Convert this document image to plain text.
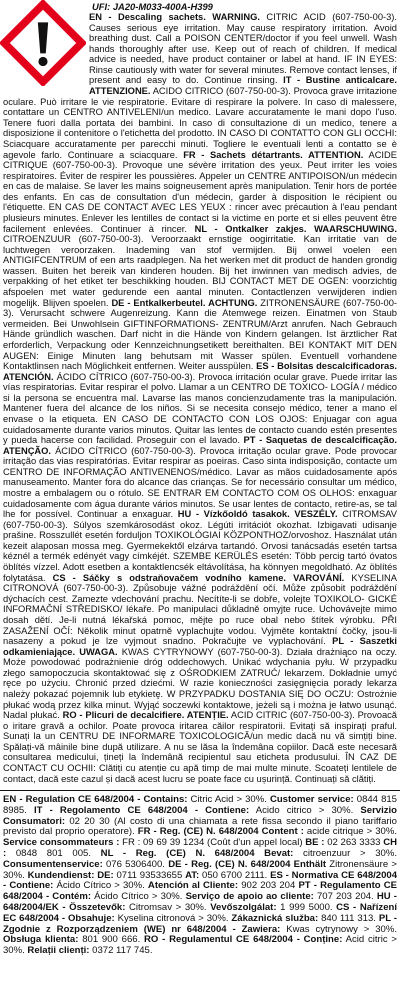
UFI: JA20-M033-400A-H399
EN - Descaling sachets. WARNING. CITRIC ACID (607-750-00-3). Causes serious eye irritation. May cause respiratory irritation. Avoid breathing dust. Call a POISON CENTER/doctor if you feel unwell. Wash hands thoroughly after use. Keep out of reach of children. If medical advice is needed, have product container or label at hand. IF IN EYES: Rinse cautiously with water for several minutes. Remove contact lenses, if present and easy to do. Continue rinsing. IT - Bustine anticalcare. ATTENZIONE. ACIDO CITRICO (607-750-00-3). Provoca grave irritazione oculare. Può irritare le vie respiratorie. Evitare di respirare la polvere. In caso di malessere, contattare un CENTRO ANTIVELENI/un medico. Lavare accuratamente le mani dopo l'uso. Tenere fuori dalla portata dei bambini. In caso di consultazione di un medico, tenere a disposizione il contenitore o l'etichetta del prodotto. IN CASO DI CONTATTO CON GLI OCCHI: Sciacquare accuratamente per parecchi minuti. Togliere le eventuali lenti a contatto se è agevole farlo. Continuare a sciacquare. FR - Sachets détartrants. ATTENTION. ACIDE CITRIQUE (607-750-00-3). Provoque une sévère irritation des yeux. Peut irriter les voies respiratoires. Éviter de respirer les poussières. Appeler un CENTRE ANTIPOISON/un médecin en cas de malaise. Se laver les mains soigneusement après manipulation. Tenir hors de portée des enfants. En cas de consultation d'un médecin, garder à disposition le récipient ou l'étiquette. EN CAS DE CONTACT AVEC LES YEUX : rincer avec précaution à l'eau pendant plusieurs minutes. Enlever les lentilles de contact si la victime en porte et si elles peuvent être facilement enlevées. Continuer à rincer. NL - Ontkalker zakjes. WAARSCHUWING. CITROENZUUR (607-750-00-3). Veroorzaakt ernstige oogirritatie. Kan irritatie van de luchtwegen veroorzaken. Inademing van stof vermijden. Bij onwel voelen een ANTIGIFCENTRUM of een arts raadplegen. Na het werken met dit product de handen grondig wassen. Buiten het bereik van kinderen houden. Bij het inwinnen van medisch advies, de verpakking of het etiket ter beschikking houden. BIJ CONTACT MET DE OGEN: voorzichtig afspoelen met water gedurende een aantal minuten. Contactlenzen verwijderen indien mogelijk. Blijven spoelen. DE - Entkalkerbeutel. ACHTUNG. ZITRONENSÄURE (607-750-00-3). Verursacht schwere Augenreizung. Kann die Atemwege reizen. Einatmen von Staub vermeiden. Bei Unwohlsein GIFTINFORMATIONS- ZENTRUM/Arzt anrufen. Nach Gebrauch Hände gründlich waschen. Darf nicht in die Hände von Kindern gelangen. Ist ärztlicher Rat erforderlich, Verpackung oder Kennzeichnungsetikett bereithalten. BEI KONTAKT MIT DEN AUGEN: Einige Minuten lang behutsam mit Wasser spülen. Eventuell vorhandene Kontaktlinsen nach Möglichkeit entfernen. Weiter ausspülen. ES - Bolsitas descalcificadoras. ATENCIÓN. ÁCIDO CÍTRICO (607-750-00-3). Provoca irritación ocular grave. Puede irritar las vías respiratorias. Evitar respirar el polvo. Llamar a un CENTRO DE TOXICO- LOGÍA / médico si la persona se encuentra mal. Lavarse las manos concienzudamente tras la manipulación. Mantener fuera del alcance de los niños. Si se necesita consejo médico, tener a mano el envase o la etiqueta. EN CASO DE CONTACTO CON LOS OJOS: Enjuagar con agua cuidadosamente durante varios minutos. Quitar las lentes de contacto cuando estén presentes y pueda hacerse con facilidad. Proseguir con el lavado. PT - Saquetas de descalcificação. ATENÇÃO. ÁCIDO CÍTRICO (607-750-00-3). Provoca irritação ocular grave. Pode provocar irritação das vias respiratórias. Evitar respirar as poeiras. Caso sinta indisposição, contacte um CENTRO DE INFORMAÇÃO ANTIVENENOS/médico. Lavar as mãos cuidadosamente após manuseamento. Manter fora do alcance das crianças. Se for necessário consultar um médico, mostre a embalagem ou o rótulo. SE ENTRAR EM CONTACTO COM OS OLHOS: enxaguar cuidadosamente com água durante vários minutos. Se usar lentes de contacto, retire-as, se tal lhe for possível. Continuar a enxaguar. HU - Vízkőoldó tasakok. VESZÉLY. CITROMSAV (607-750-00-3). Súlyos szemkárosodást okoz. Légúti irritációt okozhat. Izbigavati udisanje prašine. Rosszullét esetén forduljon TOXIKOLÓGIAI KÖZPONTHOZ/orvoshoz. Használat után kezeit alaposan mossa meg. Gyermekektől elzárva tartandó. Orvosi tanácsadás esetén tartsa kéznél a termék edényét vagy címkéjét. SZEMBE KERÜLÉS esetén: Több percig tartó óvatos öblítés vízzel. Adott esetben a kontaktlencsék eltávolítása, ha könnyen megoldható. Az öblítés folytatása. CS - Sáčky s odstraňovačem vodního kamene. VAROVÁNÍ. KYSELINA CITRONOVÁ (607-750-00-3). Způsobuje vážné podráždění očí. Může způsobit podráždění dýchacích cest. Zamezte vdechování prachu. Necítíte-li se dobře, volejte TOXIKOLO- GICKÉ INFORMAČNÍ STŘEDISKO/ lékaře. Po manipulaci důkladně omyjte ruce. Uchovávejte mimo dosah dětí. Je-li nutná lékařská pomoc, mějte po ruce obal nebo štítek výrobku. PŘI ZASAŽENÍ OČÍ: Několik minut opatrně vyplachujte vodou. Vyjměte kontaktní čočky, jsou-li nasazeny a pokud je lze vyjmout snadno. Pokračujte ve vyplachování. PL - Saszetki odkamieniające. UWAGA. KWAS CYTRYNOWY (607-750-00-3). Działa drażniąco na oczy. Może powodować podrażnienie dróg oddechowych. Unikać wdychania pyłu. W przypadku złego samopoczucia skontaktować się z OŚRODKIEM ZATRUĆ/ lekarzem. Dokładnie umyć ręce po użyciu. Chronić przed dziećmi. W razie konieczności zasięgnięcia porady lekarza należy pokazać pojemnik lub etykietę. W PRZYPADKU DOSTANIA SIĘ DO OCZU: Ostrożnie płukać wodą przez kilka minut. Wyjąć soczewki kontaktowe, jeżeli są i można je łatwo usunąć. Nadal płukać. RO - Plicuri de decalcifiere. ATENȚIE. ACID CITRIC (607-750-00-3). Provoacă o iritare gravă a ochilor. Poate provoca iritarea căilor respiratorii. Evitați să inspirați praful. Sunați la un CENTRU DE INFORMARE TOXICOLOGICĂ/un medic dacă nu vă simțiți bine. Spălați-vă mâinile bine după utilizare. A nu se lăsa la îndemâna copiilor. Dacă este necesară consultarea medicului, țineți la îndemână recipientul sau eticheta produsului. ÎN CAZ DE CONTACT CU OCHII: Clătiți cu atenție cu apă timp de mai multe minute. Scoateți lentilele de contact, dacă este cazul și dacă acest lucru se poate face cu ușurință. Continuați să clătiți.
EN - Regulation CE 648/2004 - Contains: Citric Acid > 30%. Customer service: 0844 815 8985. IT - Regolamento CE 648/2004 - Contiene: Acido citrico > 30%. Servizio Consumatori: 02 20 30 (Al costo di una chiamata a rete fissa secondo il piano tariffario previsto dal proprio operatore). FR - Reg. (CE) N. 648/2004 Content : acide citrique > 30%. Service consommateurs : FR : 09 69 39 1234 (Coût d'un appel local) BE : 02 263 3333 CH : 0848 801 005. NL - Reg. (CE) N. 648/2004 Bevat: citroenzuur > 30%. Consumentenservice: 076 5306400. DE - Reg. (CE) N. 648/2004 Enthält Zitronensäure > 30%. Kundendienst: DE: 0711 93533655 AT: 050 6700 2111. ES - Normativa CE 648/2004 - Contiene: Ácido Cítrico > 30%. Atención al Cliente: 902 203 204 PT - Regulamento CE 648/2004 - Contém: Ácido Cítrico > 30%. Serviço de apoio ao cliente: 707 203 204. HU - 648/2004/EK - Összetevők: Citromsav > 30%. Vevőszolgálat: 1 999 5000. CS - Nařízení EC 648/2004 - Obsahuje: Kyselina citronová > 30%. Zákaznická služba: 840 111 313. PL - Zgodnie z Rozporządzeniem (WE) nr 648/2004 - Zawiera: Kwas cytrynowy > 30%. Obsługa klienta: 801 900 666. RO - Regulamentul CE 648/2004 - Conține: Acid citric > 30%. Relații clienți: 0372 117 745.
